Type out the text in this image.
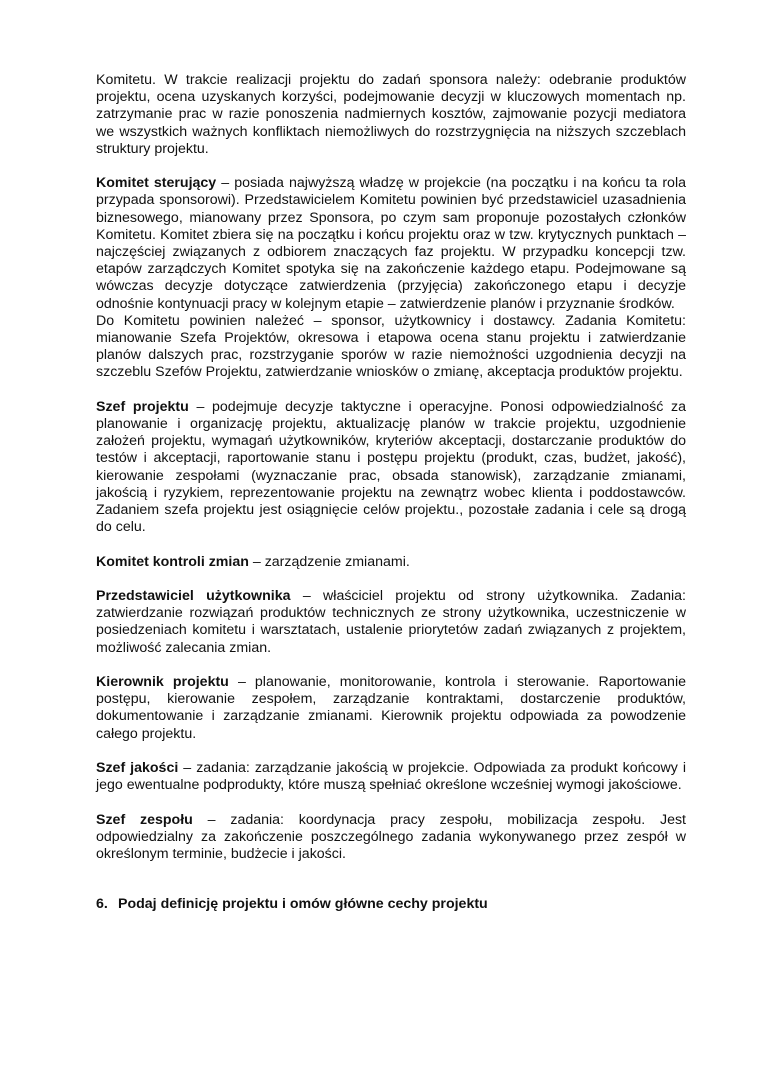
Komitetu. W trakcie realizacji projektu do zadań sponsora należy: odebranie produktów projektu, ocena uzyskanych korzyści, podejmowanie decyzji w kluczowych momentach np. zatrzymanie prac w razie ponoszenia nadmiernych kosztów, zajmowanie pozycji mediatora we wszystkich ważnych konfliktach niemożliwych do rozstrzygnięcia na niższych szczeblach struktury projektu.

Komitet sterujący – posiada najwyższą władzę w projekcie (na początku i na końcu ta rola przypada sponsorowi). Przedstawicielem Komitetu powinien być przedstawiciel uzasadnienia biznesowego, mianowany przez Sponsora, po czym sam proponuje pozostałych członków Komitetu. Komitet zbiera się na początku i końcu projektu oraz w tzw. krytycznych punktach – najczęściej związanych z odbiorem znaczących faz projektu. W przypadku koncepcji tzw. etapów zarządczych Komitet spotyka się na zakończenie każdego etapu. Podejmowane są wówczas decyzje dotyczące zatwierdzenia (przyjęcia) zakończonego etapu i decyzje odnośnie kontynuacji pracy w kolejnym etapie – zatwierdzenie planów i przyznanie środków.

Do Komitetu powinien należeć – sponsor, użytkownicy i dostawcy. Zadania Komitetu: mianowanie Szefa Projektów, okresowa i etapowa ocena stanu projektu i zatwierdzanie planów dalszych prac, rozstrzyganie sporów w razie niemożności uzgodnienia decyzji na szczeblu Szefów Projektu, zatwierdzanie wniosków o zmianę, akceptacja produktów projektu.

Szef projektu – podejmuje decyzje taktyczne i operacyjne. Ponosi odpowiedzialność za planowanie i organizację projektu, aktualizację planów w trakcie projektu, uzgodnienie założeń projektu, wymagań użytkowników, kryteriów akceptacji, dostarczanie produktów do testów i akceptacji, raportowanie stanu i postępu projektu (produkt, czas, budżet, jakość), kierowanie zespołami (wyznaczanie prac, obsada stanowisk), zarządzanie zmianami, jakością i ryzykiem, reprezentowanie projektu na zewnątrz wobec klienta i poddostawców. Zadaniem szefa projektu jest osiągnięcie celów projektu., pozostałe zadania i cele są drogą do celu.

Komitet kontroli zmian – zarządzenie zmianami.

Przedstawiciel użytkownika – właściciel projektu od strony użytkownika. Zadania: zatwierdzanie rozwiązań produktów technicznych ze strony użytkownika, uczestniczenie w posiedzeniach komitetu i warsztatach, ustalenie priorytetów zadań związanych z projektem, możliwość zalecania zmian.

Kierownik projektu – planowanie, monitorowanie, kontrola i sterowanie. Raportowanie postępu, kierowanie zespołem, zarządzanie kontraktami, dostarczenie produktów, dokumentowanie i zarządzanie zmianami. Kierownik projektu odpowiada za powodzenie całego projektu.

Szef jakości – zadania: zarządzanie jakością w projekcie. Odpowiada za produkt końcowy i jego ewentualne podprodukty, które muszą spełniać określone wcześniej wymogi jakościowe.

Szef zespołu – zadania: koordynacja pracy zespołu, mobilizacja zespołu. Jest odpowiedzialny za zakończenie poszczególnego zadania wykonywanego przez zespół w określonym terminie, budżecie i jakości.

6. Podaj definicję projektu i omów główne cechy projektu
